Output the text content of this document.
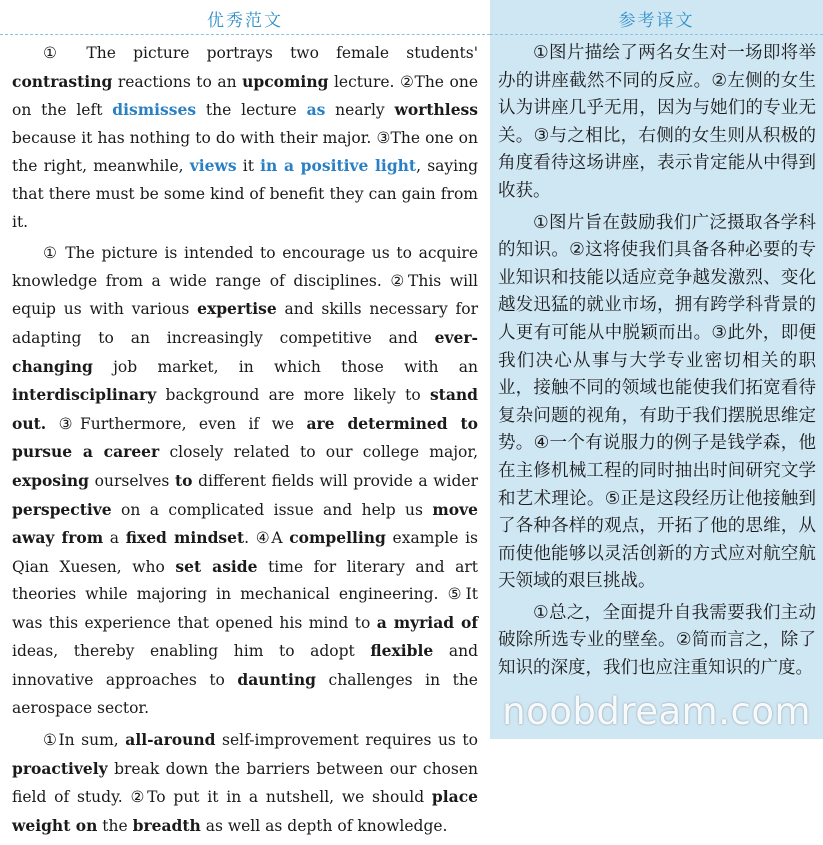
优秀范文

① The picture portrays two female students' contrasting reactions to an upcoming lecture. ②The one on the left dismisses the lecture as nearly worthless because it has nothing to do with their major. ③The one on the right, meanwhile, views it in a positive light, saying that there must be some kind of benefit they can gain from it.

① The picture is intended to encourage us to acquire knowledge from a wide range of disciplines. ②This will equip us with various expertise and skills necessary for adapting to an increasingly competitive and ever-changing job market, in which those with an interdisciplinary background are more likely to stand out. ③Furthermore, even if we are determined to pursue a career closely related to our college major, exposing ourselves to different fields will provide a wider perspective on a complicated issue and help us move away from a fixed mindset. ④A compelling example is Qian Xuesen, who set aside time for literary and art theories while majoring in mechanical engineering. ⑤It was this experience that opened his mind to a myriad of ideas, thereby enabling him to adopt flexible and innovative approaches to daunting challenges in the aerospace sector.

①In sum, all-around self-improvement requires us to proactively break down the barriers between our chosen field of study. ②To put it in a nutshell, we should place weight on the breadth as well as depth of knowledge.

参考译文

①图片描绘了两名女生对一场即将举办的讲座截然不同的反应。②左侧的女生认为讲座几乎无用，因为与她们的专业无关。③与之相比，右侧的女生则从积极的角度看待这场讲座，表示肯定能从中得到收获。

①图片旨在鼓励我们广泛摄取各学科的知识。②这将使我们具备各种必要的专业知识和技能以适应竞争越发激烈、变化越发迅猛的就业市场，拥有跨学科背景的人更有可能从中脱颖而出。③此外，即便我们决心从事与大学专业密切相关的职业，接触不同的领域也能使我们拓宽看待复杂问题的视角，有助于我们摆脱思维定势。④一个有说服力的例子是钱学森，他在主修机械工程的同时抽出时间研究文学和艺术理论。⑤正是这段经历让他接触到了各种各样的观点，开拓了他的思维，从而使他能够以灵活创新的方式应对航空航天领域的艰巨挑战。

①总之，全面提升自我需要我们主动破除所选专业的壁垒。②简而言之，除了知识的深度，我们也应注重知识的广度。

noobdream.com
